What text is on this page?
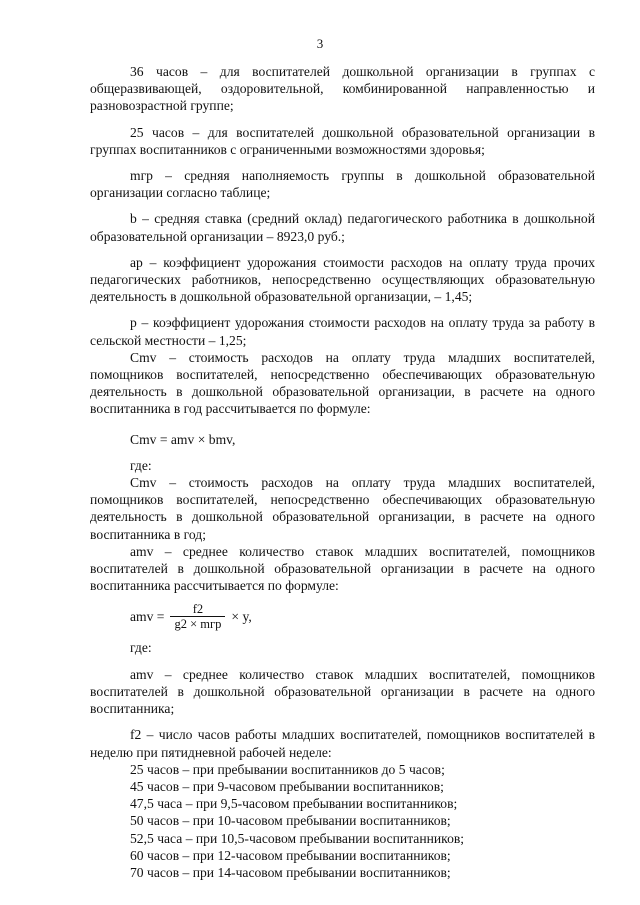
3

36 часов – для воспитателей дошкольной организации в группах с общеразвивающей, оздоровительной, комбинированной направленностью и разновозрастной группе;

25 часов – для воспитателей дошкольной образовательной организации в группах воспитанников с ограниченными возможностями здоровья;

mгр – средняя наполняемость группы в дошкольной образовательной организации согласно таблице;

b – средняя ставка (средний оклад) педагогического работника в дошкольной образовательной организации – 8923,0 руб.;

ap – коэффициент удорожания стоимости расходов на оплату труда прочих педагогических работников, непосредственно осуществляющих образовательную деятельность в дошкольной образовательной организации, – 1,45;

p – коэффициент удорожания стоимости расходов на оплату труда за работу в сельской местности – 1,25;

Cmv – стоимость расходов на оплату труда младших воспитателей, помощников воспитателей, непосредственно обеспечивающих образовательную деятельность в дошкольной образовательной организации, в расчете на одного воспитанника в год рассчитывается по формуле:

Cmv = amv × bmv,

где:

Cmv – стоимость расходов на оплату труда младших воспитателей, помощников воспитателей, непосредственно обеспечивающих образовательную деятельность в дошкольной образовательной организации, в расчете на одного воспитанника в год;

amv – среднее количество ставок младших воспитателей, помощников воспитателей в дошкольной образовательной организации в расчете на одного воспитанника рассчитывается по формуле:

amv = $\frac{f2}{\text{g2 × mгр}} \times y$,

где:

amv – среднее количество ставок младших воспитателей, помощников воспитателей в дошкольной образовательной организации в расчете на одного воспитанника;

f2 – число часов работы младших воспитателей, помощников воспитателей в неделю при пятидневной рабочей неделе:

25 часов – при пребывании воспитанников до 5 часов;

45 часов – при 9-часовом пребывании воспитанников;

47,5 часа – при 9,5-часовом пребывании воспитанников;

50 часов – при 10-часовом пребывании воспитанников;

52,5 часа – при 10,5-часовом пребывании воспитанников;

60 часов – при 12-часовом пребывании воспитанников;

70 часов – при 14-часовом пребывании воспитанников;
